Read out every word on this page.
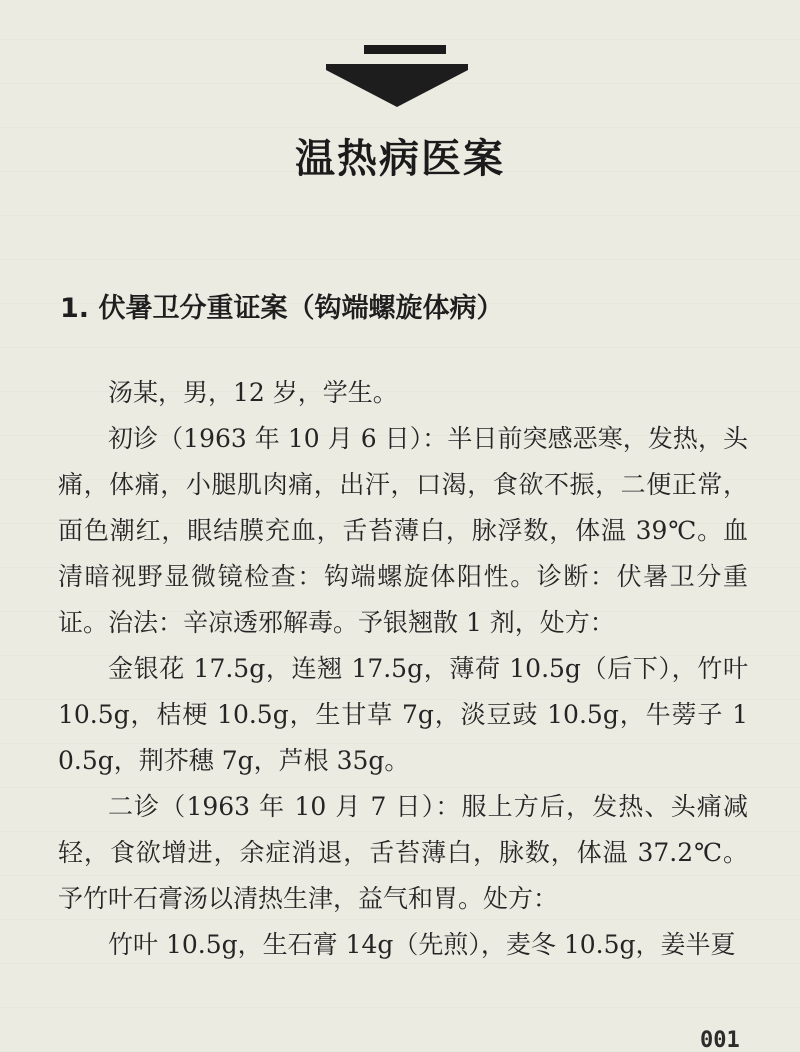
温热病医案
1. 伏暑卫分重证案（钩端螺旋体病）

汤某，男，12 岁，学生。

初诊（1963 年 10 月 6 日）：半日前突感恶寒，发热，头痛，体痛，小腿肌肉痛，出汗，口渴，食欲不振，二便正常，面色潮红，眼结膜充血，舌苔薄白，脉浮数，体温 39℃。血清暗视野显微镜检查：钩端螺旋体阳性。诊断：伏暑卫分重证。治法：辛凉透邪解毒。予银翘散 1 剂，处方：

金银花 17.5g，连翘 17.5g，薄荷 10.5g（后下），竹叶 10.5g，桔梗 10.5g，生甘草 7g，淡豆豉 10.5g，牛蒡子 10.5g，荆芥穗 7g，芦根 35g。

二诊（1963 年 10 月 7 日）：服上方后，发热、头痛减轻，食欲增进，余症消退，舌苔薄白，脉数，体温 37.2℃。予竹叶石膏汤以清热生津，益气和胃。处方：

竹叶 10.5g，生石膏 14g（先煎），麦冬 10.5g，姜半夏

001
